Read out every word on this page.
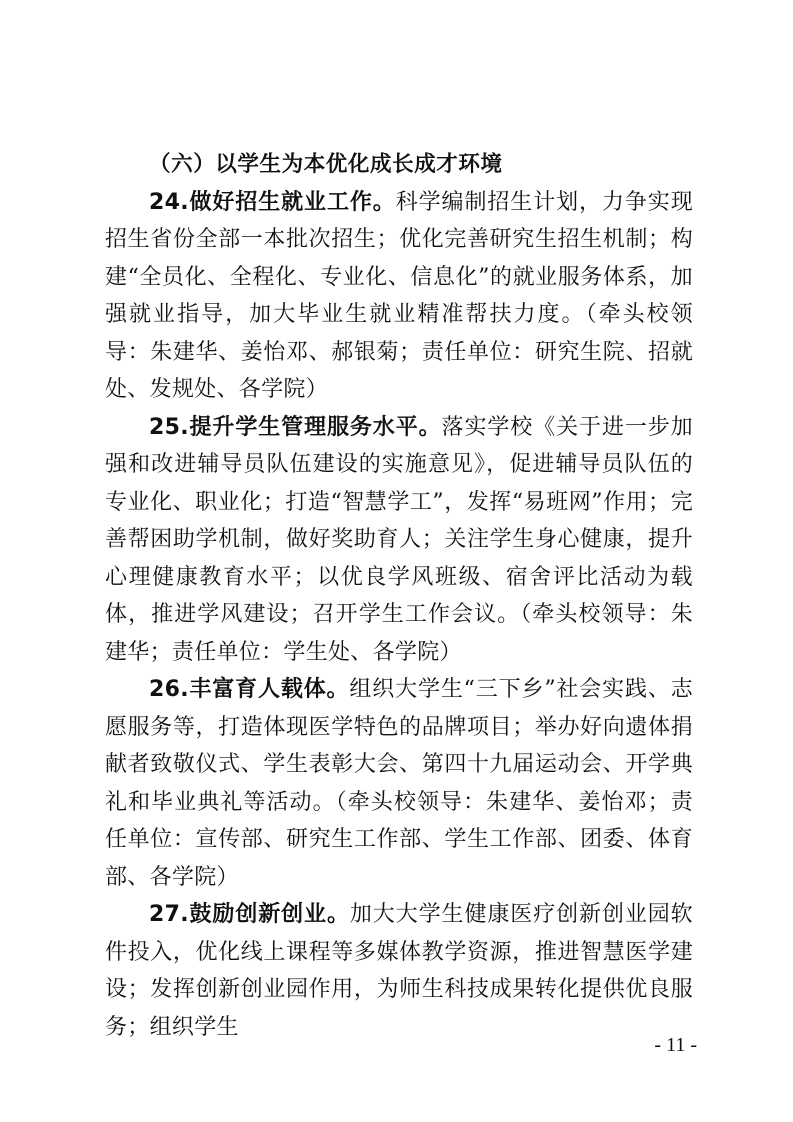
（六）以学生为本优化成长成才环境

24.做好招生就业工作。科学编制招生计划，力争实现招生省份全部一本批次招生；优化完善研究生招生机制；构建“全员化、全程化、专业化、信息化”的就业服务体系，加强就业指导，加大毕业生就业精准帮扶力度。（牵头校领导：朱建华、姜怡邓、郝银菊；责任单位：研究生院、招就处、发规处、各学院）

25.提升学生管理服务水平。落实学校《关于进一步加强和改进辅导员队伍建设的实施意见》，促进辅导员队伍的专业化、职业化；打造“智慧学工”，发挥“易班网”作用；完善帮困助学机制，做好奖助育人；关注学生身心健康，提升心理健康教育水平；以优良学风班级、宿舍评比活动为载体，推进学风建设；召开学生工作会议。（牵头校领导：朱建华；责任单位：学生处、各学院）

26.丰富育人载体。组织大学生“三下乡”社会实践、志愿服务等，打造体现医学特色的品牌项目；举办好向遗体捐献者致敬仪式、学生表彰大会、第四十九届运动会、开学典礼和毕业典礼等活动。（牵头校领导：朱建华、姜怡邓；责任单位：宣传部、研究生工作部、学生工作部、团委、体育部、各学院）

27.鼓励创新创业。加大大学生健康医疗创新创业园软件投入，优化线上课程等多媒体教学资源，推进智慧医学建设；发挥创新创业园作用，为师生科技成果转化提供优良服务；组织学生

- 11 -
